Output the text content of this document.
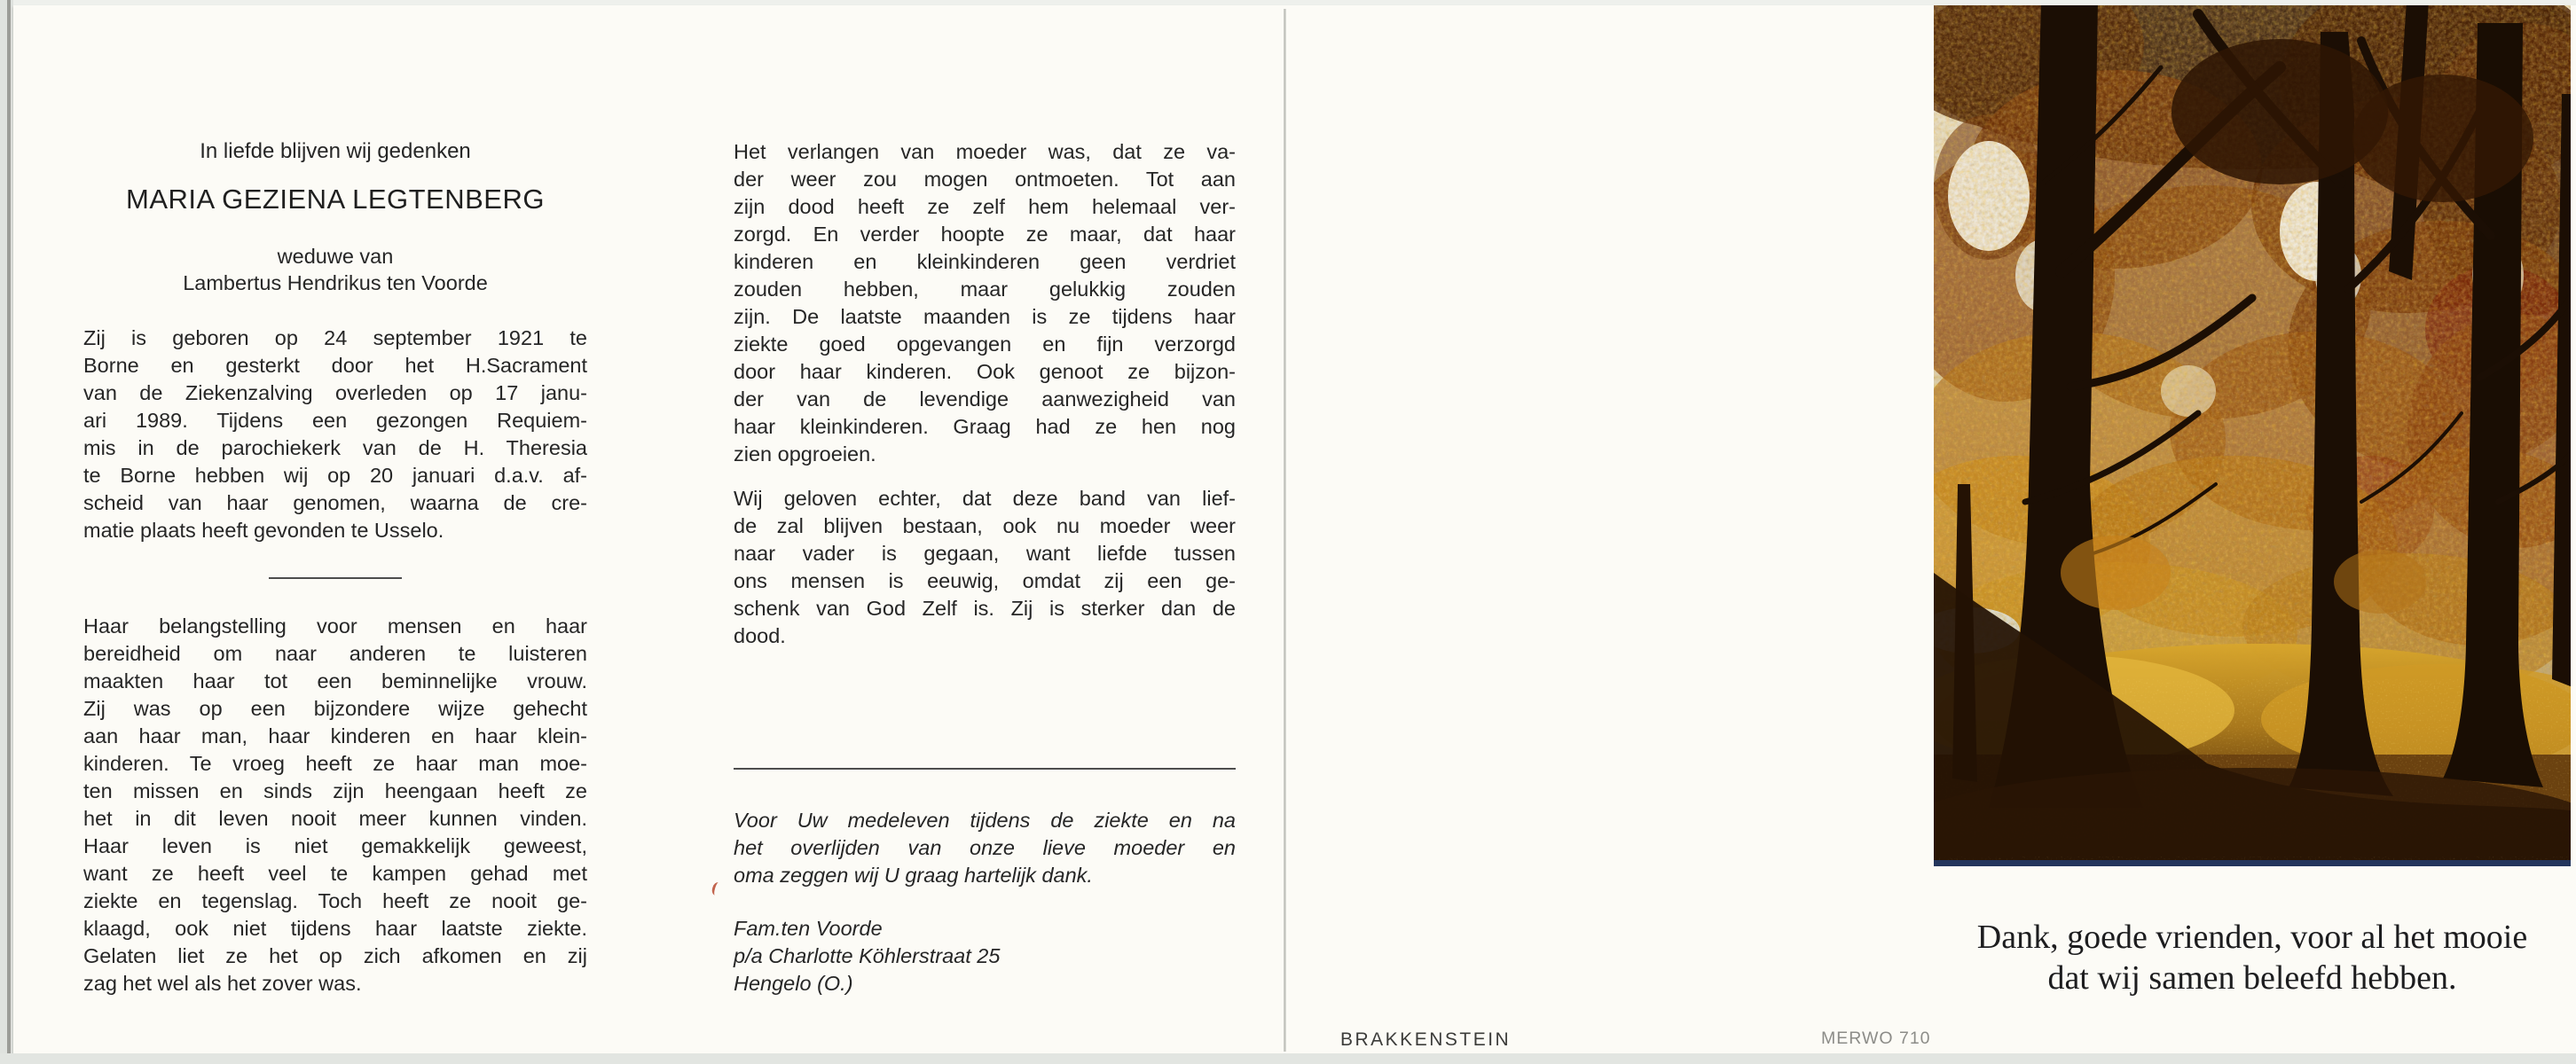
In liefde blijven wij gedenken
MARIA GEZIENA LEGTENBERG
weduwe van
Lambertus Hendrikus ten Voorde
Zij is geboren op 24 september 1921 te
Borne en gesterkt door het H.Sacrament
van de Ziekenzalving overleden op 17 janu-
ari 1989. Tijdens een gezongen Requiem-
mis in de parochiekerk van de H. Theresia
te Borne hebben wij op 20 januari d.a.v. af-
scheid van haar genomen, waarna de cre-
matie plaats heeft gevonden te Usselo.
Haar belangstelling voor mensen en haar
bereidheid om naar anderen te luisteren
maakten haar tot een beminnelijke vrouw.
Zij was op een bijzondere wijze gehecht
aan haar man, haar kinderen en haar klein-
kinderen. Te vroeg heeft ze haar man moe-
ten missen en sinds zijn heengaan heeft ze
het in dit leven nooit meer kunnen vinden.
Haar leven is niet gemakkelijk geweest,
want ze heeft veel te kampen gehad met
ziekte en tegenslag. Toch heeft ze nooit ge-
klaagd, ook niet tijdens haar laatste ziekte.
Gelaten liet ze het op zich afkomen en zij
zag het wel als het zover was.
Het verlangen van moeder was, dat ze va-
der weer zou mogen ontmoeten. Tot aan
zijn dood heeft ze zelf hem helemaal ver-
zorgd. En verder hoopte ze maar, dat haar
kinderen en kleinkinderen geen verdriet
zouden hebben, maar gelukkig zouden
zijn. De laatste maanden is ze tijdens haar
ziekte goed opgevangen en fijn verzorgd
door haar kinderen. Ook genoot ze bijzon-
der van de levendige aanwezigheid van
haar kleinkinderen. Graag had ze hen nog
zien opgroeien.
Wij geloven echter, dat deze band van lief-
de zal blijven bestaan, ook nu moeder weer
naar vader is gegaan, want liefde tussen
ons mensen is eeuwig, omdat zij een ge-
schenk van God Zelf is. Zij is sterker dan de
dood.
Voor Uw medeleven tijdens de ziekte en na
het overlijden van onze lieve moeder en
oma zeggen wij U graag hartelijk dank.
Fam.ten Voorde
p/a Charlotte Köhlerstraat 25
Hengelo (O.)
BRAKKENSTEIN	MERWO 710
Dank, goede vrienden, voor al het mooie
dat wij samen beleefd hebben.
